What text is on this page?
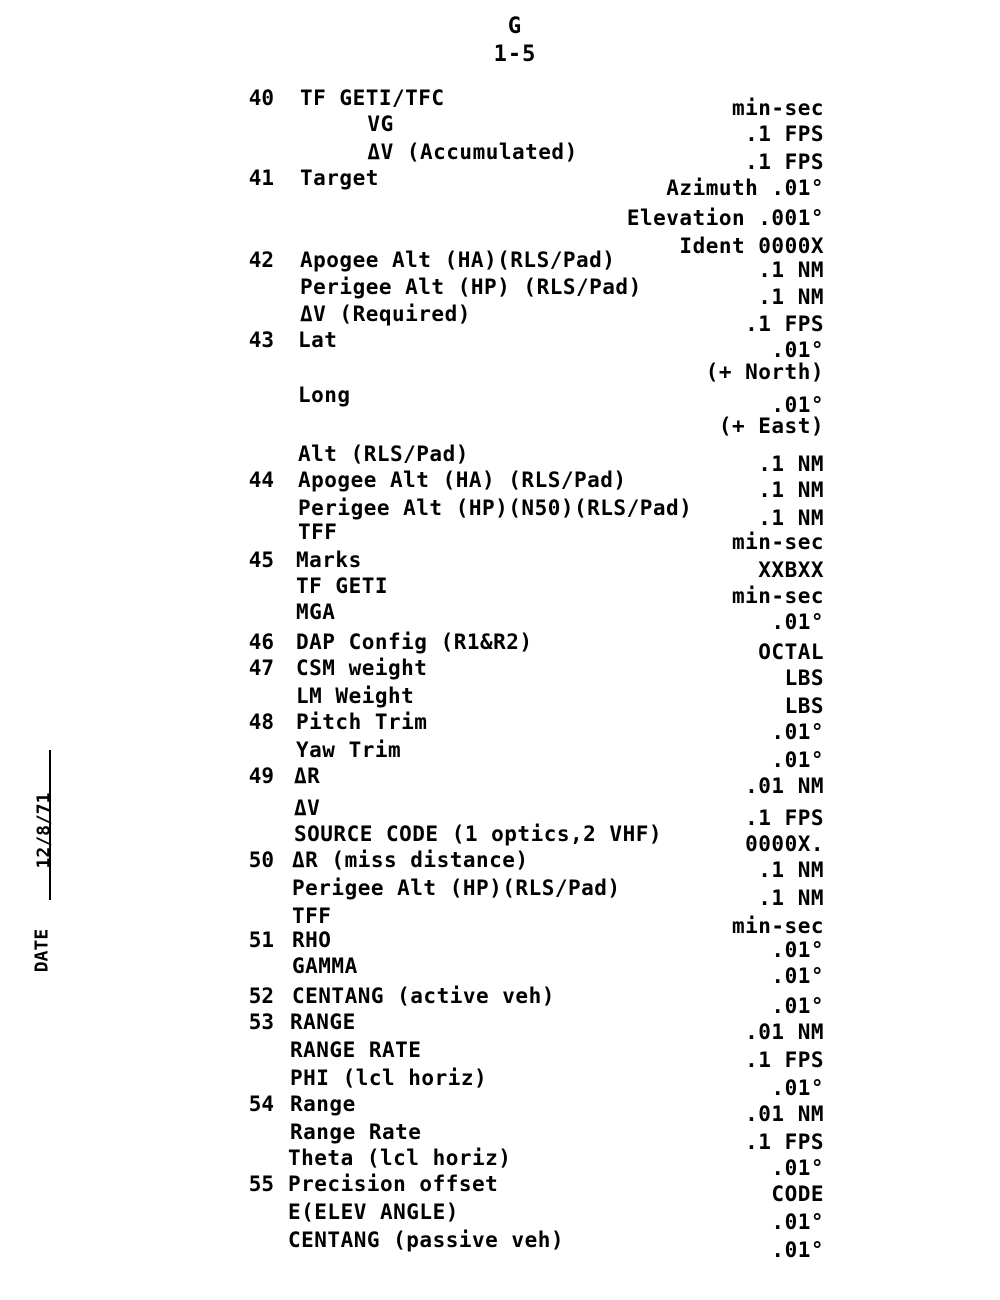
G
1-5
40 TF GETI/TFC	min-sec
VG	.1 FPS
ΔV (Accumulated)	.1 FPS
41 Target	Azimuth .01°
Elevation .001°
Ident 0000X
42 Apogee Alt (HA)(RLS/Pad)	.1 NM
Perigee Alt (HP) (RLS/Pad)	.1 NM
ΔV (Required)	.1 FPS
43 Lat	.01°
(+ North)
Long	.01°
(+ East)
Alt (RLS/Pad)	.1 NM
44 Apogee Alt (HA) (RLS/Pad)	.1 NM
Perigee Alt (HP)(N50)(RLS/Pad)	.1 NM
TFF	min-sec
45 Marks	XXBXX
TF GETI	min-sec
MGA	.01°
46 DAP Config (R1&R2)	OCTAL
47 CSM weight	LBS
LM Weight	LBS
48 Pitch Trim	.01°
Yaw Trim	.01°
49 ΔR	.01 NM
ΔV	.1 FPS
SOURCE CODE (1 optics,2 VHF)	0000X.
50 ΔR (miss distance)	.1 NM
Perigee Alt (HP)(RLS/Pad)	.1 NM
TFF	min-sec
51 RHO	.01°
GAMMA	.01°
52 CENTANG (active veh)	.01°
53 RANGE	.01 NM
RANGE RATE	.1 FPS
PHI (lcl horiz)	.01°
54 Range	.01 NM
Range Rate	.1 FPS
Theta (lcl horiz)	.01°
55 Precision offset	CODE
E(ELEV ANGLE)	.01°
CENTANG (passive veh)	.01°
12/8/71
DATE
